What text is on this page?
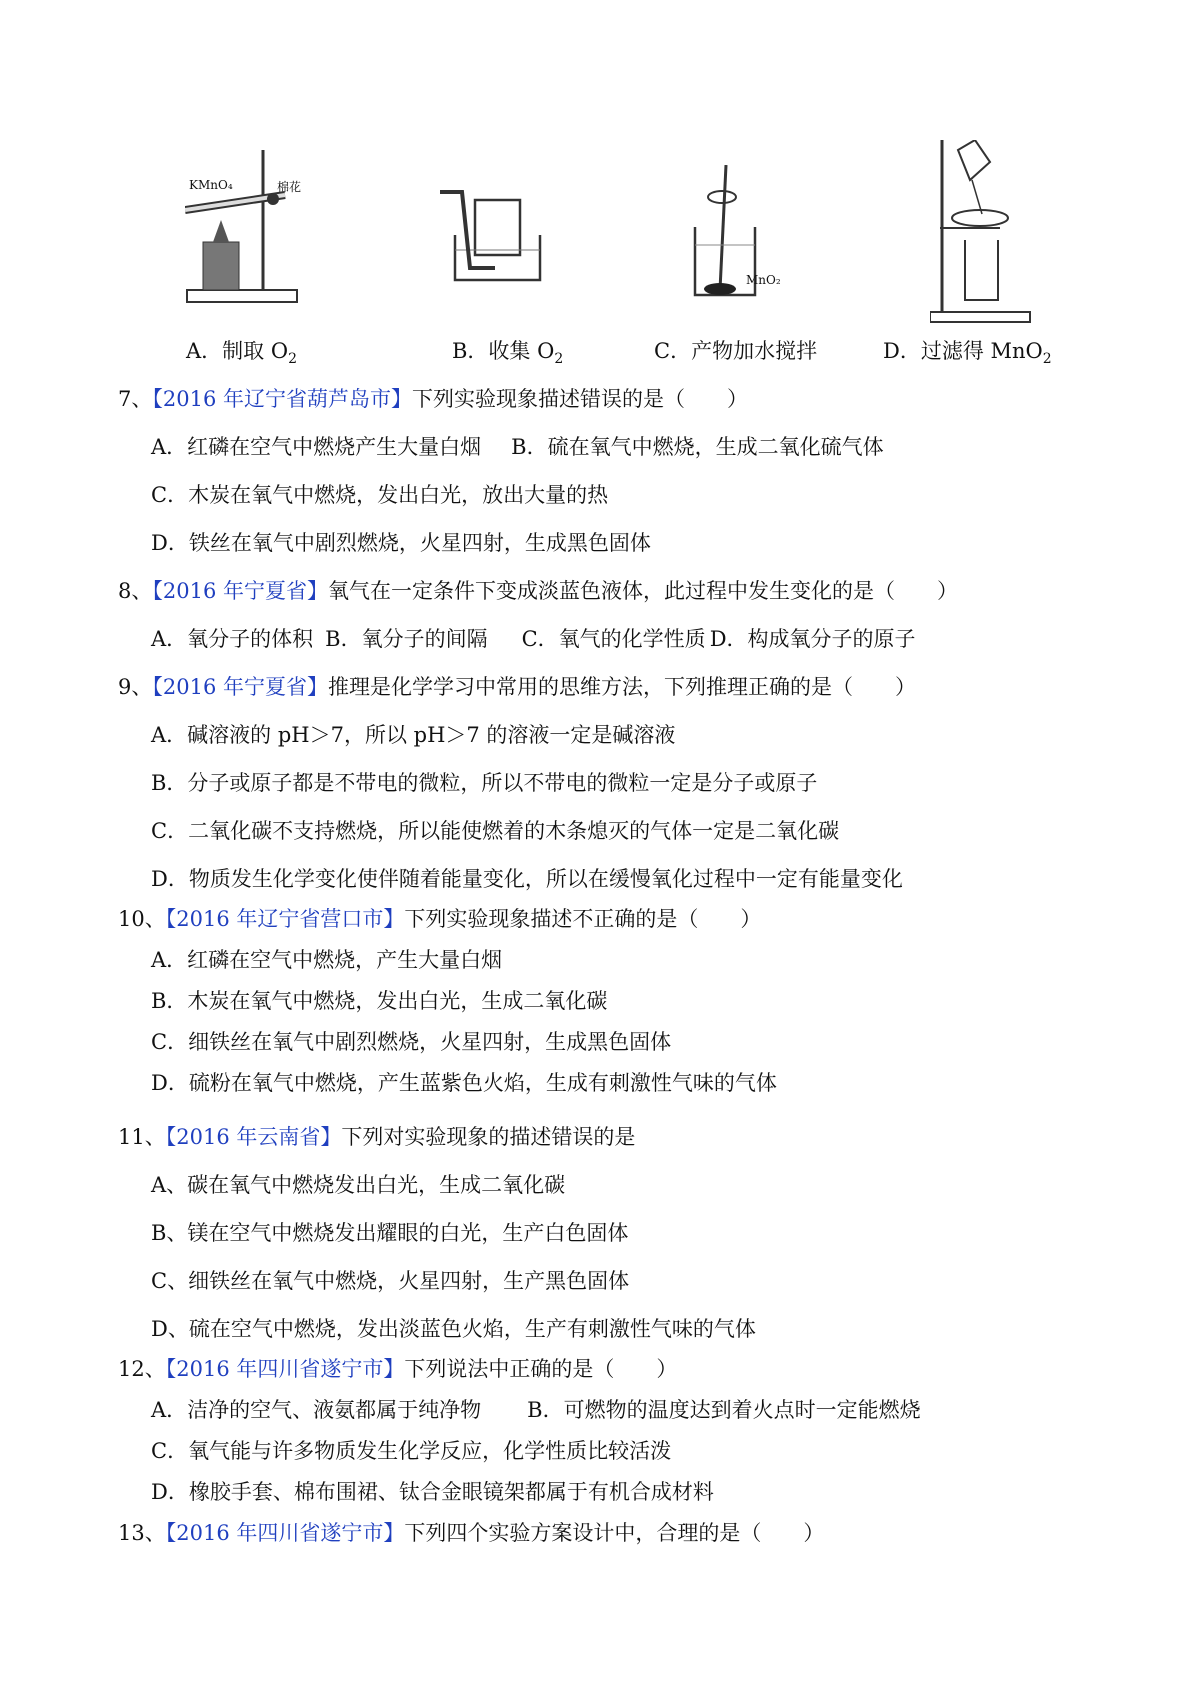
KMnO₄	棉花
A．制取 $O_2$	B．收集 $O_2$
MnO₂
C．产物加水搅拌	D．过滤得 MnO$_2$
7、【2016 年辽宁省葫芦岛市】下列实验现象描述错误的是（　　）
A．红磷在空气中燃烧产生大量白烟 B．硫在氧气中燃烧，生成二氧化硫气体
C．木炭在氧气中燃烧，发出白光，放出大量的热
D．铁丝在氧气中剧烈燃烧，火星四射，生成黑色固体
8、【2016 年宁夏省】氧气在一定条件下变成淡蓝色液体，此过程中发生变化的是（　　）
A．氧分子的体积 B．氧分子的间隔 C．氧气的化学性质 D．构成氧分子的原子
9、【2016 年宁夏省】推理是化学学习中常用的思维方法，下列推理正确的是（　　）
A．碱溶液的 pH＞7，所以 pH＞7 的溶液一定是碱溶液
B．分子或原子都是不带电的微粒，所以不带电的微粒一定是分子或原子
C．二氧化碳不支持燃烧，所以能使燃着的木条熄灭的气体一定是二氧化碳
D．物质发生化学变化使伴随着能量变化，所以在缓慢氧化过程中一定有能量变化
10、【2016 年辽宁省营口市】下列实验现象描述不正确的是（　　）
A．红磷在空气中燃烧，产生大量白烟
B．木炭在氧气中燃烧，发出白光，生成二氧化碳
C．细铁丝在氧气中剧烈燃烧，火星四射，生成黑色固体
D．硫粉在氧气中燃烧，产生蓝紫色火焰，生成有刺激性气味的气体
11、【2016 年云南省】下列对实验现象的描述错误的是
A、碳在氧气中燃烧发出白光，生成二氧化碳
B、镁在空气中燃烧发出耀眼的白光，生产白色固体
C、细铁丝在氧气中燃烧，火星四射，生产黑色固体
D、硫在空气中燃烧，发出淡蓝色火焰，生产有刺激性气味的气体
12、【2016 年四川省遂宁市】下列说法中正确的是（　　）
A．洁净的空气、液氨都属于纯净物 B．可燃物的温度达到着火点时一定能燃烧
C．氧气能与许多物质发生化学反应，化学性质比较活泼
D．橡胶手套、棉布围裙、钛合金眼镜架都属于有机合成材料
13、【2016 年四川省遂宁市】下列四个实验方案设计中，合理的是（　　）
